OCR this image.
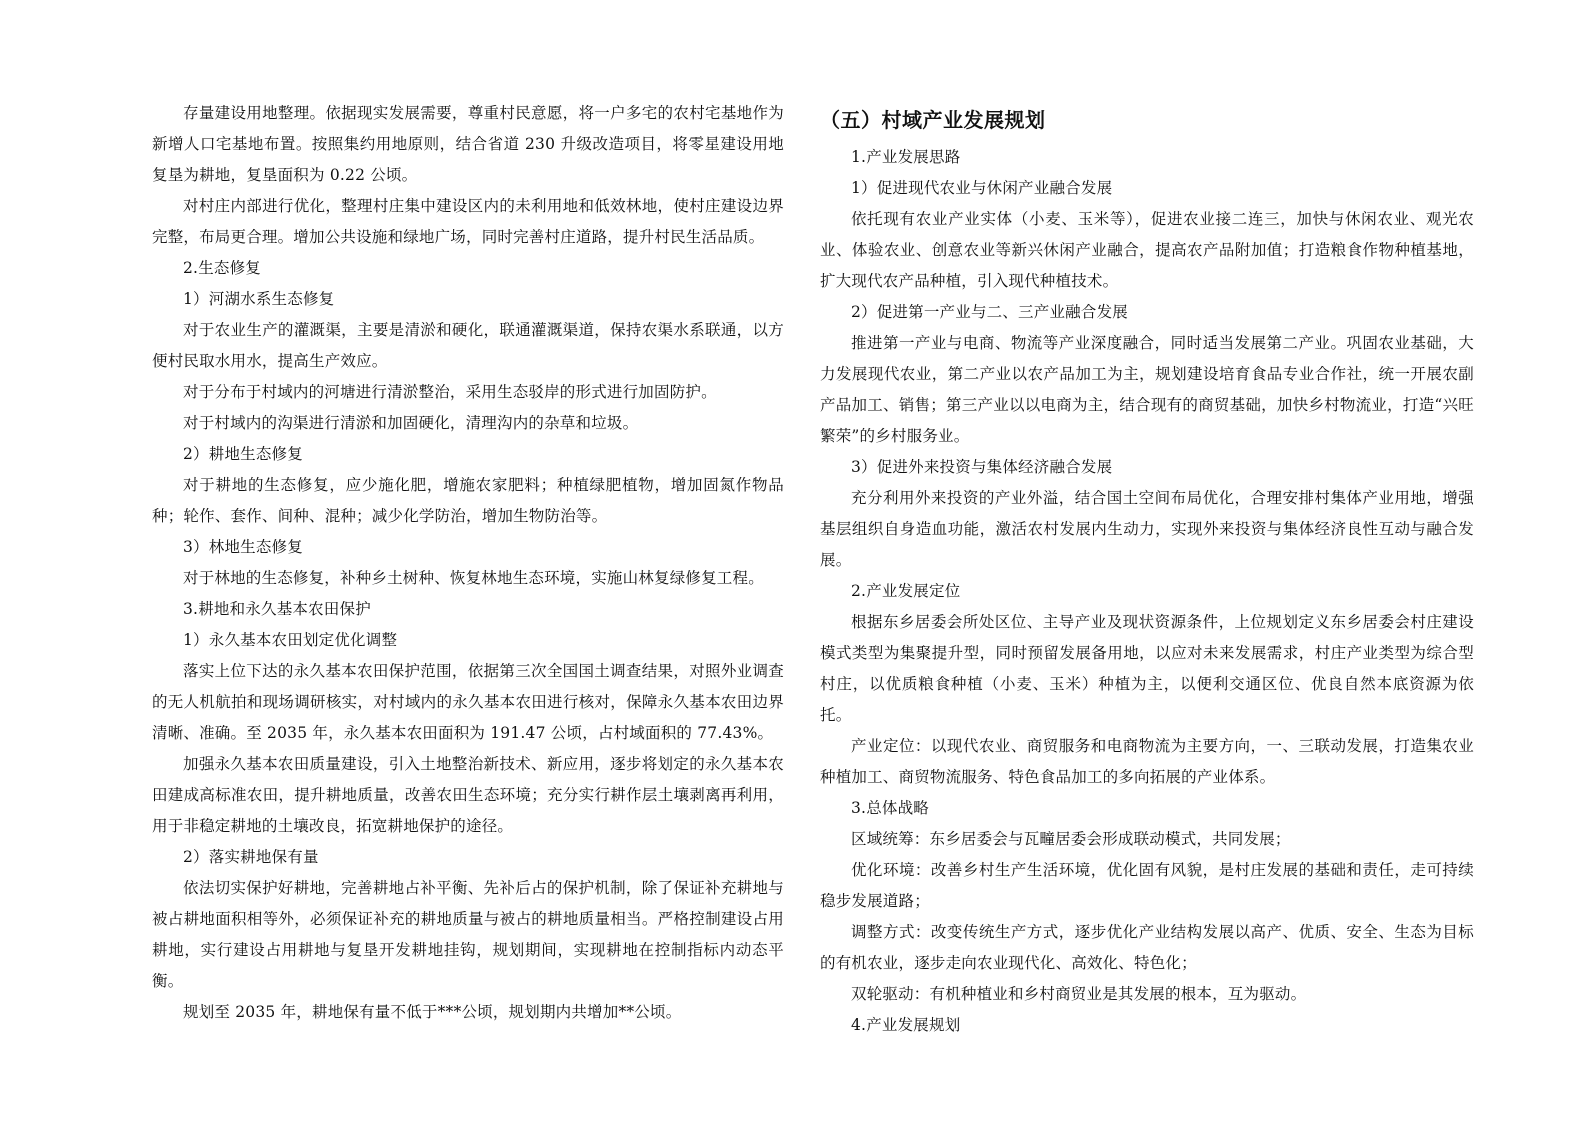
存量建设用地整理。依据现实发展需要，尊重村民意愿，将一户多宅的农村宅基地作为新增人口宅基地布置。按照集约用地原则，结合省道 230 升级改造项目，将零星建设用地复垦为耕地，复垦面积为 0.22 公顷。

对村庄内部进行优化，整理村庄集中建设区内的未利用地和低效林地，使村庄建设边界完整，布局更合理。增加公共设施和绿地广场，同时完善村庄道路，提升村民生活品质。

2.生态修复

1）河湖水系生态修复

对于农业生产的灌溉渠，主要是清淤和硬化，联通灌溉渠道，保持农渠水系联通，以方便村民取水用水，提高生产效应。

对于分布于村域内的河塘进行清淤整治，采用生态驳岸的形式进行加固防护。

对于村域内的沟渠进行清淤和加固硬化，清理沟内的杂草和垃圾。

2）耕地生态修复

对于耕地的生态修复，应少施化肥，增施农家肥料；种植绿肥植物，增加固氮作物品种；轮作、套作、间种、混种；减少化学防治，增加生物防治等。

3）林地生态修复

对于林地的生态修复，补种乡土树种、恢复林地生态环境，实施山林复绿修复工程。

3.耕地和永久基本农田保护

1）永久基本农田划定优化调整

落实上位下达的永久基本农田保护范围，依据第三次全国国土调查结果，对照外业调查的无人机航拍和现场调研核实，对村域内的永久基本农田进行核对，保障永久基本农田边界清晰、准确。至 2035 年，永久基本农田面积为 191.47 公顷，占村域面积的 77.43%。

加强永久基本农田质量建设，引入土地整治新技术、新应用，逐步将划定的永久基本农田建成高标准农田，提升耕地质量，改善农田生态环境；充分实行耕作层土壤剥离再利用，用于非稳定耕地的土壤改良，拓宽耕地保护的途径。

2）落实耕地保有量

依法切实保护好耕地，完善耕地占补平衡、先补后占的保护机制，除了保证补充耕地与被占耕地面积相等外，必须保证补充的耕地质量与被占的耕地质量相当。严格控制建设占用耕地，实行建设占用耕地与复垦开发耕地挂钩，规划期间，实现耕地在控制指标内动态平衡。

规划至 2035 年，耕地保有量不低于***公顷，规划期内共增加**公顷。

（五）村域产业发展规划

1.产业发展思路

1）促进现代农业与休闲产业融合发展

依托现有农业产业实体（小麦、玉米等），促进农业接二连三，加快与休闲农业、观光农业、体验农业、创意农业等新兴休闲产业融合，提高农产品附加值；打造粮食作物种植基地，扩大现代农产品种植，引入现代种植技术。

2）促进第一产业与二、三产业融合发展

推进第一产业与电商、物流等产业深度融合，同时适当发展第二产业。巩固农业基础，大力发展现代农业，第二产业以农产品加工为主，规划建设培育食品专业合作社，统一开展农副产品加工、销售；第三产业以以电商为主，结合现有的商贸基础，加快乡村物流业，打造“兴旺繁荣”的乡村服务业。

3）促进外来投资与集体经济融合发展

充分利用外来投资的产业外溢，结合国土空间布局优化，合理安排村集体产业用地，增强基层组织自身造血功能，激活农村发展内生动力，实现外来投资与集体经济良性互动与融合发展。

2.产业发展定位

根据东乡居委会所处区位、主导产业及现状资源条件，上位规划定义东乡居委会村庄建设模式类型为集聚提升型，同时预留发展备用地，以应对未来发展需求，村庄产业类型为综合型村庄，以优质粮食种植（小麦、玉米）种植为主，以便利交通区位、优良自然本底资源为依托。

产业定位：以现代农业、商贸服务和电商物流为主要方向，一、三联动发展，打造集农业种植加工、商贸物流服务、特色食品加工的多向拓展的产业体系。

3.总体战略

区域统筹：东乡居委会与瓦疃居委会形成联动模式，共同发展；

优化环境：改善乡村生产生活环境，优化固有风貌，是村庄发展的基础和责任，走可持续稳步发展道路；

调整方式：改变传统生产方式，逐步优化产业结构发展以高产、优质、安全、生态为目标的有机农业，逐步走向农业现代化、高效化、特色化；

双轮驱动：有机种植业和乡村商贸业是其发展的根本，互为驱动。

4.产业发展规划
